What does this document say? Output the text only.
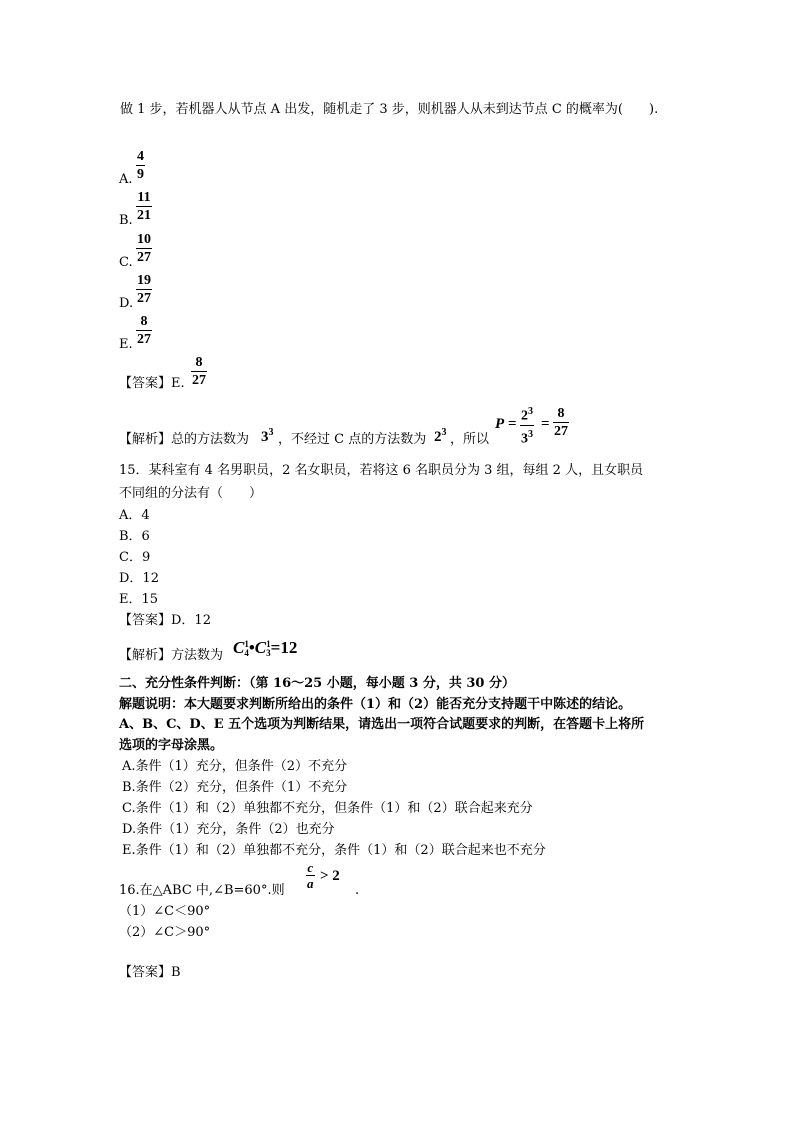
做 1 步，若机器人从节点 A 出发，随机走了 3 步，则机器人从未到达节点 C 的概率为(　　).
A.
4
9
B.
11
21
C.
10
27
D.
19
27
E.
8
27
【答案】E.
8
27
【解析】总的方法数为 $3^3$ ，不经过 C 点的方法数为 $2^3$ ，所以
$P = 2^3$
$3^3$
=
8
27
15．某科室有 4 名男职员，2 名女职员，若将这 6 名职员分为 3 组，每组 2 人，且女职员
不同组的分法有（　　）
A．4
B．6
C．9
D．12
E．15
【答案】D．12
【解析】方法数为 C 1
4 •C 1
3 =12
二、充分性条件判断：（第 16～25 小题，每小题 3 分，共 30 分）
解题说明：本大题要求判断所给出的条件（1）和（2）能否充分支持题干中陈述的结论。
A、B、C、D、E 五个选项为判断结果，请选出一项符合试题要求的判断，在答题卡上将所
选项的字母涂黑。
A.条件（1）充分，但条件（2）不充分
B.条件（2）充分，但条件（1）不充分
C.条件（1）和（2）单独都不充分，但条件（1）和（2）联合起来充分
D.条件（1）充分，条件（2）也充分
E.条件（1）和（2）单独都不充分，条件（1）和（2）联合起来也不充分
16.在△ABC 中,∠B=60°.则
c
a > 2
.
（1）∠C＜90°
（2）∠C＞90°
【答案】B
